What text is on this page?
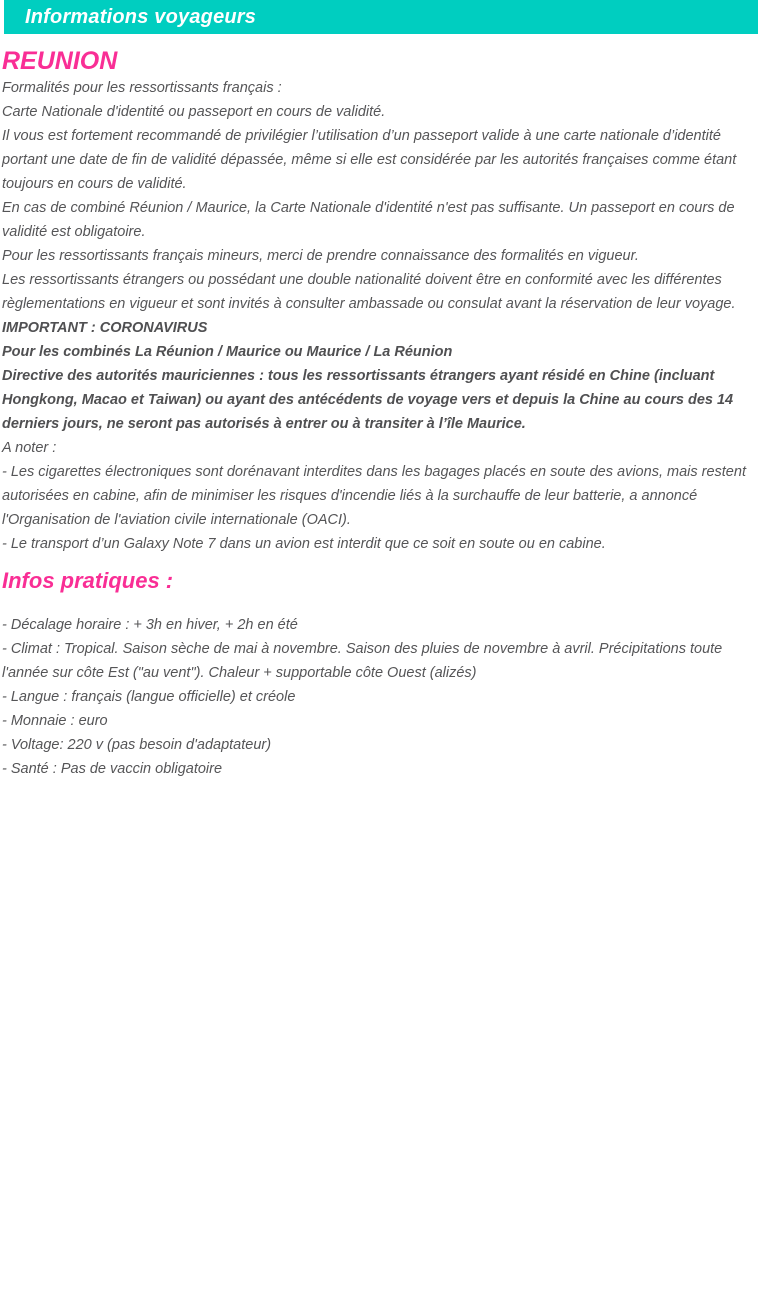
Informations voyageurs
REUNION

Formalités pour les ressortissants français :

Carte Nationale d'identité ou passeport en cours de validité.

Il vous est fortement recommandé de privilégier l’utilisation d’un passeport valide à une carte nationale d’identité portant une date de fin de validité dépassée, même si elle est considérée par les autorités françaises comme étant toujours en cours de validité.

En cas de combiné Réunion / Maurice, la Carte Nationale d'identité n'est pas suffisante. Un passeport en cours de validité est obligatoire.

Pour les ressortissants français mineurs, merci de prendre connaissance des formalités en vigueur.

Les ressortissants étrangers ou possédant une double nationalité doivent être en conformité avec les différentes règlementations en vigueur et sont invités à consulter ambassade ou consulat avant la réservation de leur voyage.

IMPORTANT : CORONAVIRUS

Pour les combinés La Réunion / Maurice ou Maurice / La Réunion

Directive des autorités mauriciennes : tous les ressortissants étrangers ayant résidé en Chine (incluant Hongkong, Macao et Taiwan) ou ayant des antécédents de voyage vers et depuis la Chine au cours des 14 derniers jours, ne seront pas autorisés à entrer ou à transiter à l’île Maurice.

A noter :

- Les cigarettes électroniques sont dorénavant interdites dans les bagages placés en soute des avions, mais restent autorisées en cabine, afin de minimiser les risques d'incendie liés à la surchauffe de leur batterie, a annoncé l'Organisation de l'aviation civile internationale (OACI).

- Le transport d’un Galaxy Note 7 dans un avion est interdit que ce soit en soute ou en cabine.

Infos pratiques :

- Décalage horaire : + 3h en hiver, + 2h en été

- Climat : Tropical. Saison sèche de mai à novembre. Saison des pluies de novembre à avril. Précipitations toute l'année sur côte Est ("au vent"). Chaleur + supportable côte Ouest (alizés)

- Langue : français (langue officielle) et créole

- Monnaie : euro

- Voltage: 220 v (pas besoin d'adaptateur)

- Santé : Pas de vaccin obligatoire
